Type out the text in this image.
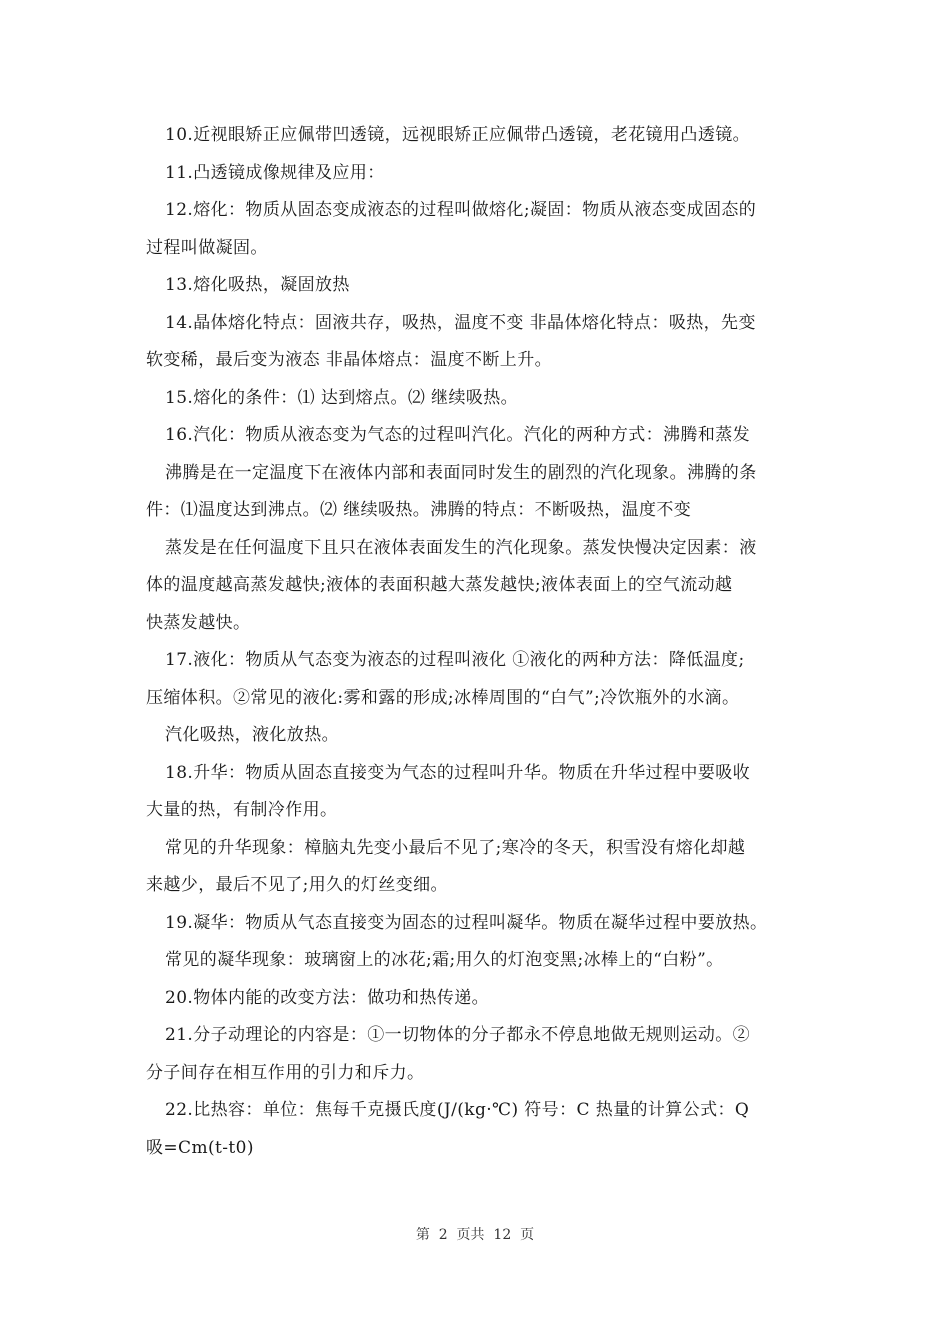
10.近视眼矫正应佩带凹透镜，远视眼矫正应佩带凸透镜，老花镜用凸透镜。
11.凸透镜成像规律及应用：
12.熔化：物质从固态变成液态的过程叫做熔化;凝固：物质从液态变成固态的
过程叫做凝固。
13.熔化吸热，凝固放热
14.晶体熔化特点：固液共存，吸热，温度不变 非晶体熔化特点：吸热，先变
软变稀，最后变为液态 非晶体熔点：温度不断上升。
15.熔化的条件：⑴ 达到熔点。⑵ 继续吸热。
16.汽化：物质从液态变为气态的过程叫汽化。汽化的两种方式：沸腾和蒸发
沸腾是在一定温度下在液体内部和表面同时发生的剧烈的汽化现象。沸腾的条
件：⑴温度达到沸点。⑵ 继续吸热。沸腾的特点：不断吸热，温度不变
蒸发是在任何温度下且只在液体表面发生的汽化现象。蒸发快慢决定因素：液
体的温度越高蒸发越快;液体的表面积越大蒸发越快;液体表面上的空气流动越
快蒸发越快。
17.液化：物质从气态变为液态的过程叫液化 ①液化的两种方法：降低温度;
压缩体积。②常见的液化:雾和露的形成;冰棒周围的“白气”;冷饮瓶外的水滴。
汽化吸热，液化放热。
18.升华：物质从固态直接变为气态的过程叫升华。物质在升华过程中要吸收
大量的热，有制冷作用。
常见的升华现象：樟脑丸先变小最后不见了;寒冷的冬天，积雪没有熔化却越
来越少，最后不见了;用久的灯丝变细。
19.凝华：物质从气态直接变为固态的过程叫凝华。物质在凝华过程中要放热。
常见的凝华现象：玻璃窗上的冰花;霜;用久的灯泡变黑;冰棒上的“白粉”。
20.物体内能的改变方法：做功和热传递。
21.分子动理论的内容是：①一切物体的分子都永不停息地做无规则运动。②
分子间存在相互作用的引力和斥力。
22.比热容：单位：焦每千克摄氏度(J/(kg·℃) 符号：C 热量的计算公式：Q
吸=Cm(t-t0)
第  2  页共  12  页
